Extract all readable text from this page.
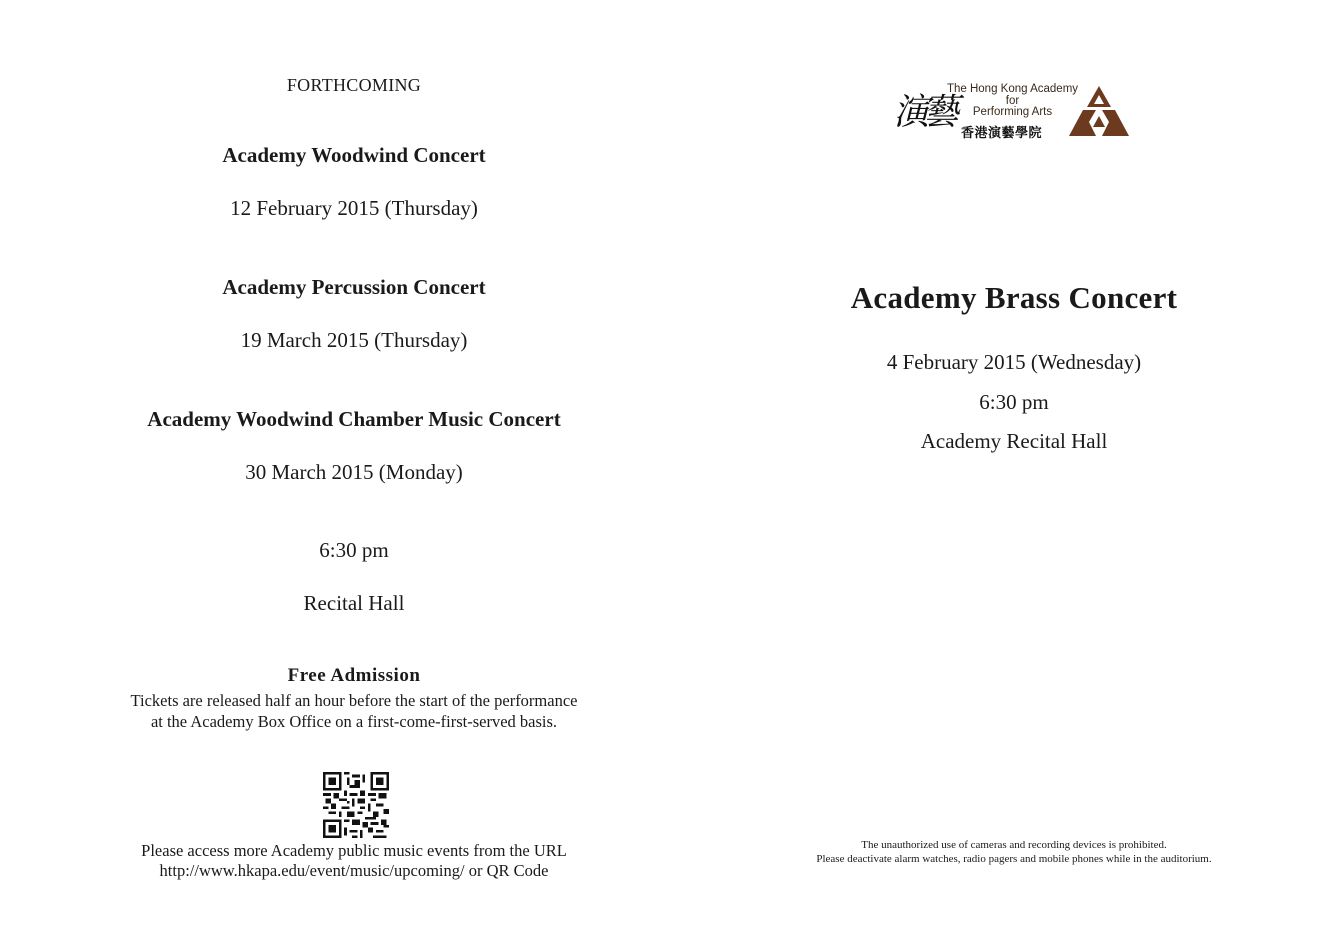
FORTHCOMING
Academy Woodwind Concert
12 February 2015 (Thursday)
Academy Percussion Concert
19 March 2015 (Thursday)
Academy Woodwind Chamber Music Concert
30 March 2015 (Monday)
6:30 pm
Recital Hall
Free Admission
Tickets are released half an hour before the start of the performance
at the Academy Box Office on a first-come-first-served basis.
Please access more Academy public music events from the URL
http://www.hkapa.edu/event/music/upcoming/ or QR Code
演藝
The Hong Kong Academy
for
Performing Arts
香港演藝學院
Academy Brass Concert
4 February 2015 (Wednesday)
6:30 pm
Academy Recital Hall
The unauthorized use of cameras and recording devices is prohibited.
Please deactivate alarm watches, radio pagers and mobile phones while in the auditorium.
